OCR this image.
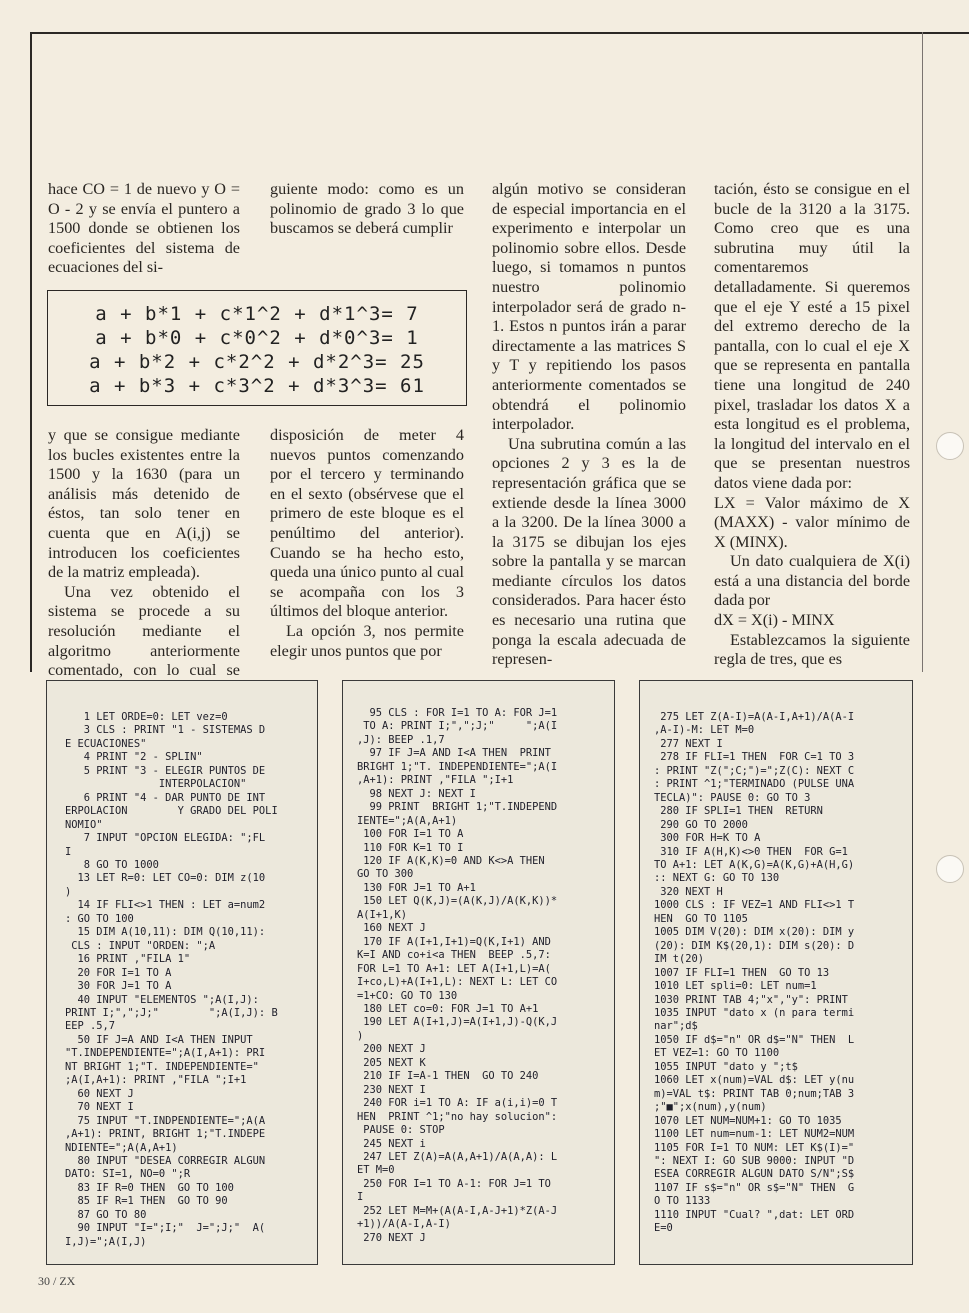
hace CO = 1 de nuevo y O = O - 2 y se envía el puntero a 1500 donde se obtienen los coeficientes del sistema de ecuaciones del si-

y que se consigue mediante los bucles existentes entre la 1500 y la 1630 (para un análisis más detenido de éstos, tan solo tener en cuenta que en A(i,j) se introducen los coeficientes de la matriz empleada).

Una vez obtenido el sistema se procede a su resolución mediante el algoritmo anteriormente comentado, con lo cual se

guiente modo: como es un polinomio de grado 3 lo que buscamos se deberá cumplir

disposición de meter 4 nuevos puntos comenzando por el tercero y terminando en el sexto (obsérvese que el primero de este bloque es el penúltimo del anterior). Cuando se ha hecho esto, queda una único punto al cual se acompaña con los 3 últimos del bloque anterior.

La opción 3, nos permite elegir unos puntos que por

a + b*1 + c*1^2 + d*1^3= 7
a + b*0 + c*0^2 + d*0^3= 1
a + b*2 + c*2^2 + d*2^3= 25
a + b*3 + c*3^2 + d*3^3= 61

algún motivo se consideran de especial importancia en el experimento e interpolar un polinomio sobre ellos. Desde luego, si tomamos n puntos nuestro polinomio interpolador será de grado n-1. Estos n puntos irán a parar directamente a las matrices S y T y repitiendo los pasos anteriormente comentados se obtendrá el polinomio interpolador.

Una subrutina común a las opciones 2 y 3 es la de representación gráfica que se extiende desde la línea 3000 a la 3200. De la línea 3000 a la 3175 se dibujan los ejes sobre la pantalla y se marcan mediante círculos los datos considerados. Para hacer ésto es necesario una rutina que ponga la escala adecuada de represen-

tación, ésto se consigue en el bucle de la 3120 a la 3175. Como creo que es una subrutina muy útil la comentaremos detalladamente. Si queremos que el eje Y esté a 15 pixel del extremo derecho de la pantalla, con lo cual el eje X que se representa en pantalla tiene una longitud de 240 pixel, trasladar los datos X a esta longitud es el problema, la longitud del intervalo en el que se presentan nuestros datos viene dada por:

LX = Valor máximo de X (MAXX) - valor mínimo de X (MINX).

Un dato cualquiera de X(i) está a una distancia del borde dada por

dX = X(i) - MINX

Establezcamos la siguiente regla de tres, que es

1 LET ORDE=0: LET vez=0
3 CLS : PRINT "1 - SISTEMAS D
E ECUACIONES"
4 PRINT "2 - SPLIN"
5 PRINT "3 - ELEGIR PUNTOS DE
INTERPOLACION"
6 PRINT "4 - DAR PUNTO DE INT
ERPOLACION        Y GRADO DEL POLI
NOMIO"
7 INPUT "OPCION ELEGIDA: ";FL
I
8 GO TO 1000
13 LET R=0: LET CO=0: DIM z(10
)
14 IF FLI<>1 THEN : LET a=num2
: GO TO 100
15 DIM A(10,11): DIM Q(10,11):
CLS : INPUT "ORDEN: ";A
16 PRINT ,"FILA 1"
20 FOR I=1 TO A
30 FOR J=1 TO A
40 INPUT "ELEMENTOS ";A(I,J):
PRINT I;",";J;"        ";A(I,J): B
EEP .5,7
50 IF J=A AND I<A THEN INPUT
"T.INDEPENDIENTE=";A(I,A+1): PRI
NT BRIGHT 1;"T. INDEPENDIENTE="
;A(I,A+1): PRINT ,"FILA ";I+1
60 NEXT J
70 NEXT I
75 INPUT "T.INDPENDIENTE=";A(A
,A+1): PRINT, BRIGHT 1;"T.INDEPE
NDIENTE=";A(A,A+1)
80 INPUT "DESEA CORREGIR ALGUN
DATO: SI=1, NO=0 ";R
83 IF R=0 THEN  GO TO 100
85 IF R=1 THEN  GO TO 90
87 GO TO 80
90 INPUT "I=";I;"  J=";J;"  A(
I,J)=";A(I,J)
95 CLS : FOR I=1 TO A: FOR J=1
TO A: PRINT I;",";J;"     ";A(I
,J): BEEP .1,7
97 IF J=A AND I<A THEN  PRINT
BRIGHT 1;"T. INDEPENDIENTE=";A(I
,A+1): PRINT ,"FILA ";I+1
98 NEXT J: NEXT I
99 PRINT  BRIGHT 1;"T.INDEPEND
IENTE=";A(A,A+1)
100 FOR I=1 TO A
110 FOR K=1 TO I
120 IF A(K,K)=0 AND K<>A THEN
GO TO 300
130 FOR J=1 TO A+1
150 LET Q(K,J)=(A(K,J)/A(K,K))*
A(I+1,K)
160 NEXT J
170 IF A(I+1,I+1)=Q(K,I+1) AND
K=I AND co+i<a THEN  BEEP .5,7:
FOR L=1 TO A+1: LET A(I+1,L)=A(
I+co,L)+A(I+1,L): NEXT L: LET CO
=1+CO: GO TO 130
180 LET co=0: FOR J=1 TO A+1
190 LET A(I+1,J)=A(I+1,J)-Q(K,J
)
200 NEXT J
205 NEXT K
210 IF I=A-1 THEN  GO TO 240
230 NEXT I
240 FOR i=1 TO A: IF a(i,i)=0 T
HEN  PRINT ^1;"no hay solucion":
PAUSE 0: STOP
245 NEXT i
247 LET Z(A)=A(A,A+1)/A(A,A): L
ET M=0
250 FOR I=1 TO A-1: FOR J=1 TO
I
252 LET M=M+(A(A-I,A-J+1)*Z(A-J
+1))/A(A-I,A-I)
270 NEXT J
275 LET Z(A-I)=A(A-I,A+1)/A(A-I
,A-I)-M: LET M=0
277 NEXT I
278 IF FLI=1 THEN  FOR C=1 TO 3
: PRINT "Z(";C;")=";Z(C): NEXT C
: PRINT ^1;"TERMINADO (PULSE UNA
TECLA)": PAUSE 0: GO TO 3
280 IF SPLI=1 THEN  RETURN
290 GO TO 2000
300 FOR H=K TO A
310 IF A(H,K)<>0 THEN  FOR G=1
TO A+1: LET A(K,G)=A(K,G)+A(H,G)
:: NEXT G: GO TO 130
320 NEXT H
1000 CLS : IF VEZ=1 AND FLI<>1 T
HEN  GO TO 1105
1005 DIM V(20): DIM x(20): DIM y
(20): DIM K$(20,1): DIM s(20): D
IM t(20)
1007 IF FLI=1 THEN  GO TO 13
1010 LET spli=0: LET num=1
1030 PRINT TAB 4;"x","y": PRINT
1035 INPUT "dato x (n para termi
nar";d$
1050 IF d$="n" OR d$="N" THEN  L
ET VEZ=1: GO TO 1100
1055 INPUT "dato y ";t$
1060 LET x(num)=VAL d$: LET y(nu
m)=VAL t$: PRINT TAB 0;num;TAB 3
;"■";x(num),y(num)
1070 LET NUM=NUM+1: GO TO 1035
1100 LET num=num-1: LET NUM2=NUM
1105 FOR I=1 TO NUM: LET K$(I)="
": NEXT I: GO SUB 9000: INPUT "D
ESEA CORREGIR ALGUN DATO S/N";S$
1107 IF s$="n" OR s$="N" THEN  G
O TO 1133
1110 INPUT "Cual? ",dat: LET ORD
E=0
30 / ZX
